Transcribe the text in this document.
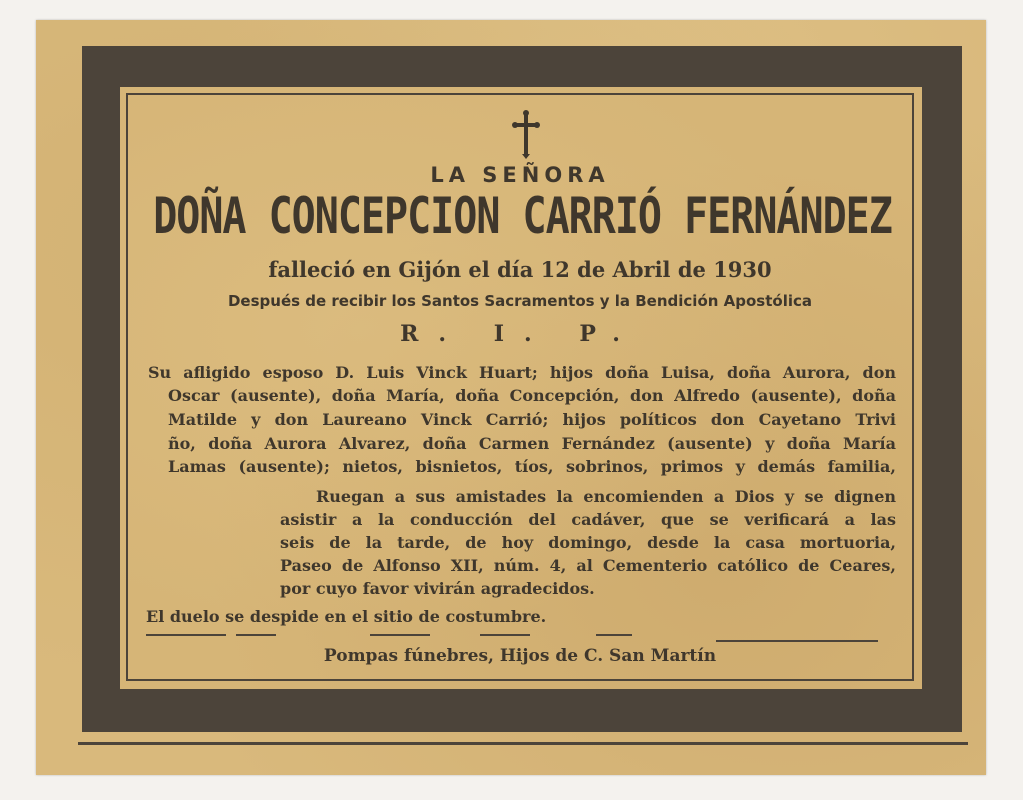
LA SEÑORA
DOÑA CONCEPCION CARRIÓ FERNÁNDEZ
falleció en Gijón el día 12 de Abril de 1930
Después de recibir los Santos Sacramentos y la Bendición Apostólica
R. I. P.
Su afligido esposo D. Luis Vinck Huart; hijos doña Luisa, doña Aurora, don
Oscar (ausente), doña María, doña Concepción, don Alfredo (ausente), doña
Matilde y don Laureano Vinck Carrió; hijos políticos don Cayetano Trivi
ño, doña Aurora Alvarez, doña Carmen Fernández (ausente) y doña María
Lamas (ausente); nietos, bisnietos, tíos, sobrinos, primos y demás familia,
Ruegan a sus amistades la encomienden a Dios y se dignen
asistir a la conducción del cadáver, que se verificará a las
seis de la tarde, de hoy domingo, desde la casa mortuoria,
Paseo de Alfonso XII, núm. 4, al Cementerio católico de Ceares,
por cuyo favor vivirán agradecidos.
El duelo se despide en el sitio de costumbre.
Pompas fúnebres, Hijos de C. San Martín
